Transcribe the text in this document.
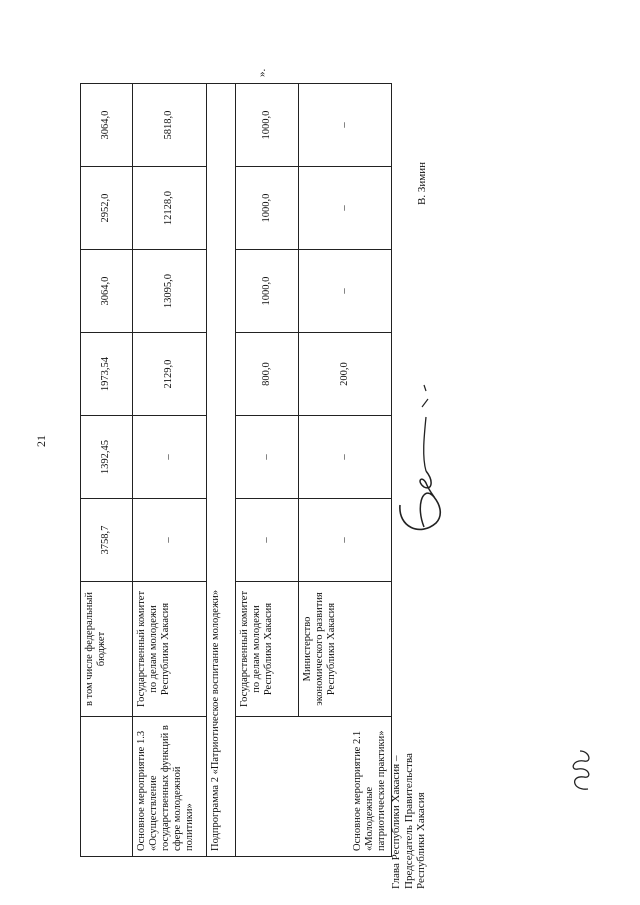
21
	в том числе федеральный бюджет	3758,7	1392,45	1973,54	3064,0	2952,0	3064,0
Основное мероприятие 1.3 «Осуществление государственных функций в сфере молодежной политики»	Государственный комитет по делам молодежи Республики Хакасия	–	–	2129,0	13095,0	12128,0	5818,0
Подпрограмма 2 «Патриотическое воспитание молодежи»							
Основное мероприятие 2.1 «Молодежные патриотические практики»	Государственный комитет по делам молодежи Республики Хакасия	–	–	800,0	1000,0	1000,0	1000,0
	Министерство экономического развития Республики Хакасия	–	–	200,0	–	–	–
».
Глава Республики Хакасия – Председатель Правительства Республики Хакасия
В. Зимин
